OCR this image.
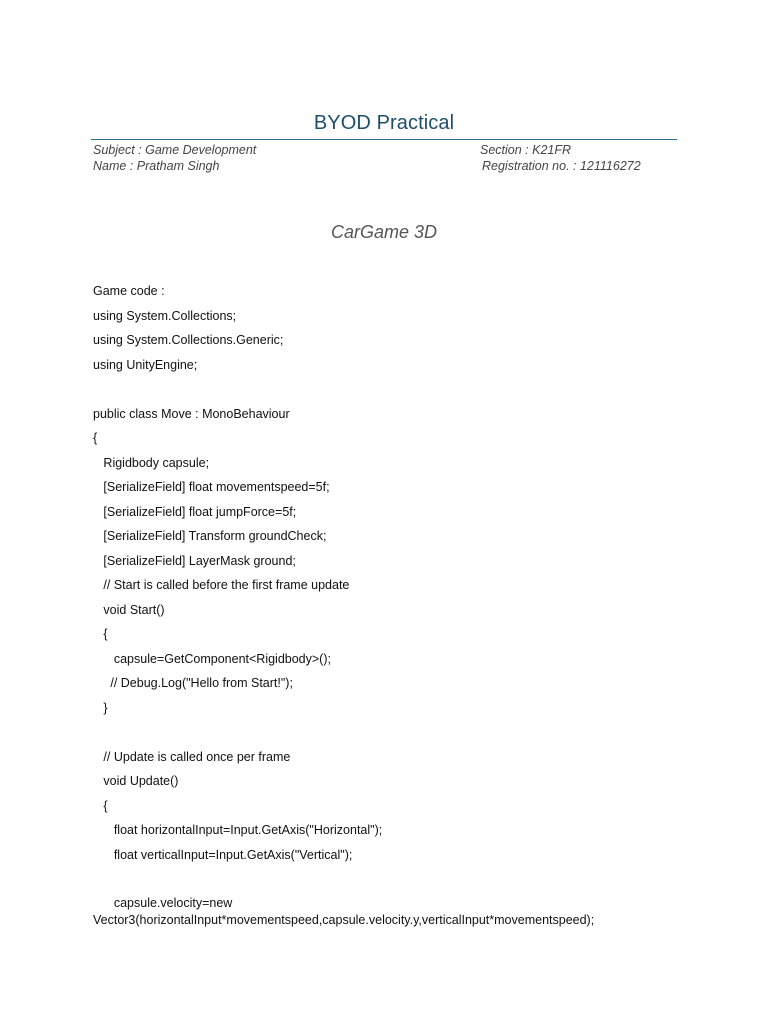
BYOD Practical
Subject : Game Development
Name : Pratham Singh
Section : K21FR
Registration no. : 121116272
CarGame 3D
Game code :
using System.Collections;
using System.Collections.Generic;
using UnityEngine;
public class Move : MonoBehaviour
{
Rigidbody capsule;
[SerializeField] float movementspeed=5f;
[SerializeField] float jumpForce=5f;
[SerializeField] Transform groundCheck;
[SerializeField] LayerMask ground;
// Start is called before the first frame update
void Start()
{
capsule=GetComponent<Rigidbody>();
// Debug.Log("Hello from Start!");
}
// Update is called once per frame
void Update()
{
float horizontalInput=Input.GetAxis("Horizontal");
float verticalInput=Input.GetAxis("Vertical");
capsule.velocity=new
Vector3(horizontalInput*movementspeed,capsule.velocity.y,verticalInput*movementspeed);
